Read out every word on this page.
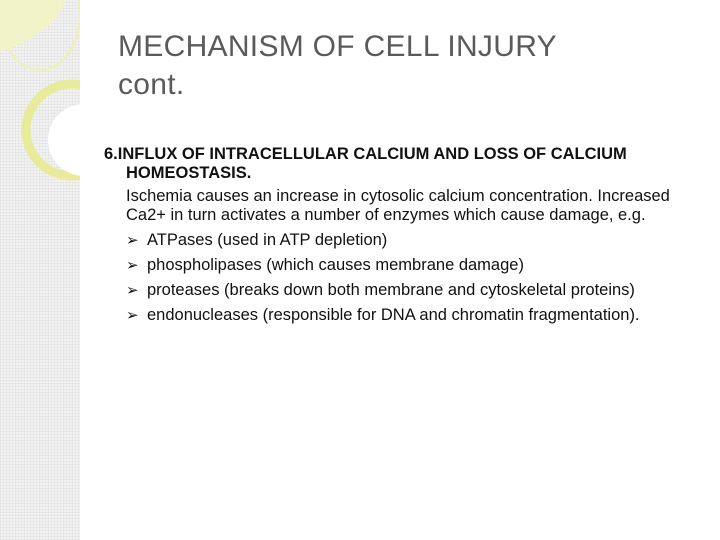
MECHANISM OF CELL INJURY
cont.

6.INFLUX OF INTRACELLULAR CALCIUM AND LOSS OF CALCIUM HOMEOSTASIS.

Ischemia causes an increase in cytosolic calcium concentration. Increased Ca2+ in turn activates a number of enzymes which cause damage, e.g.

➢ ATPases (used in ATP depletion)
➢ phospholipases (which causes membrane damage)
➢ proteases (breaks down both membrane and cytoskeletal proteins)
➢ endonucleases (responsible for DNA and chromatin fragmentation).
